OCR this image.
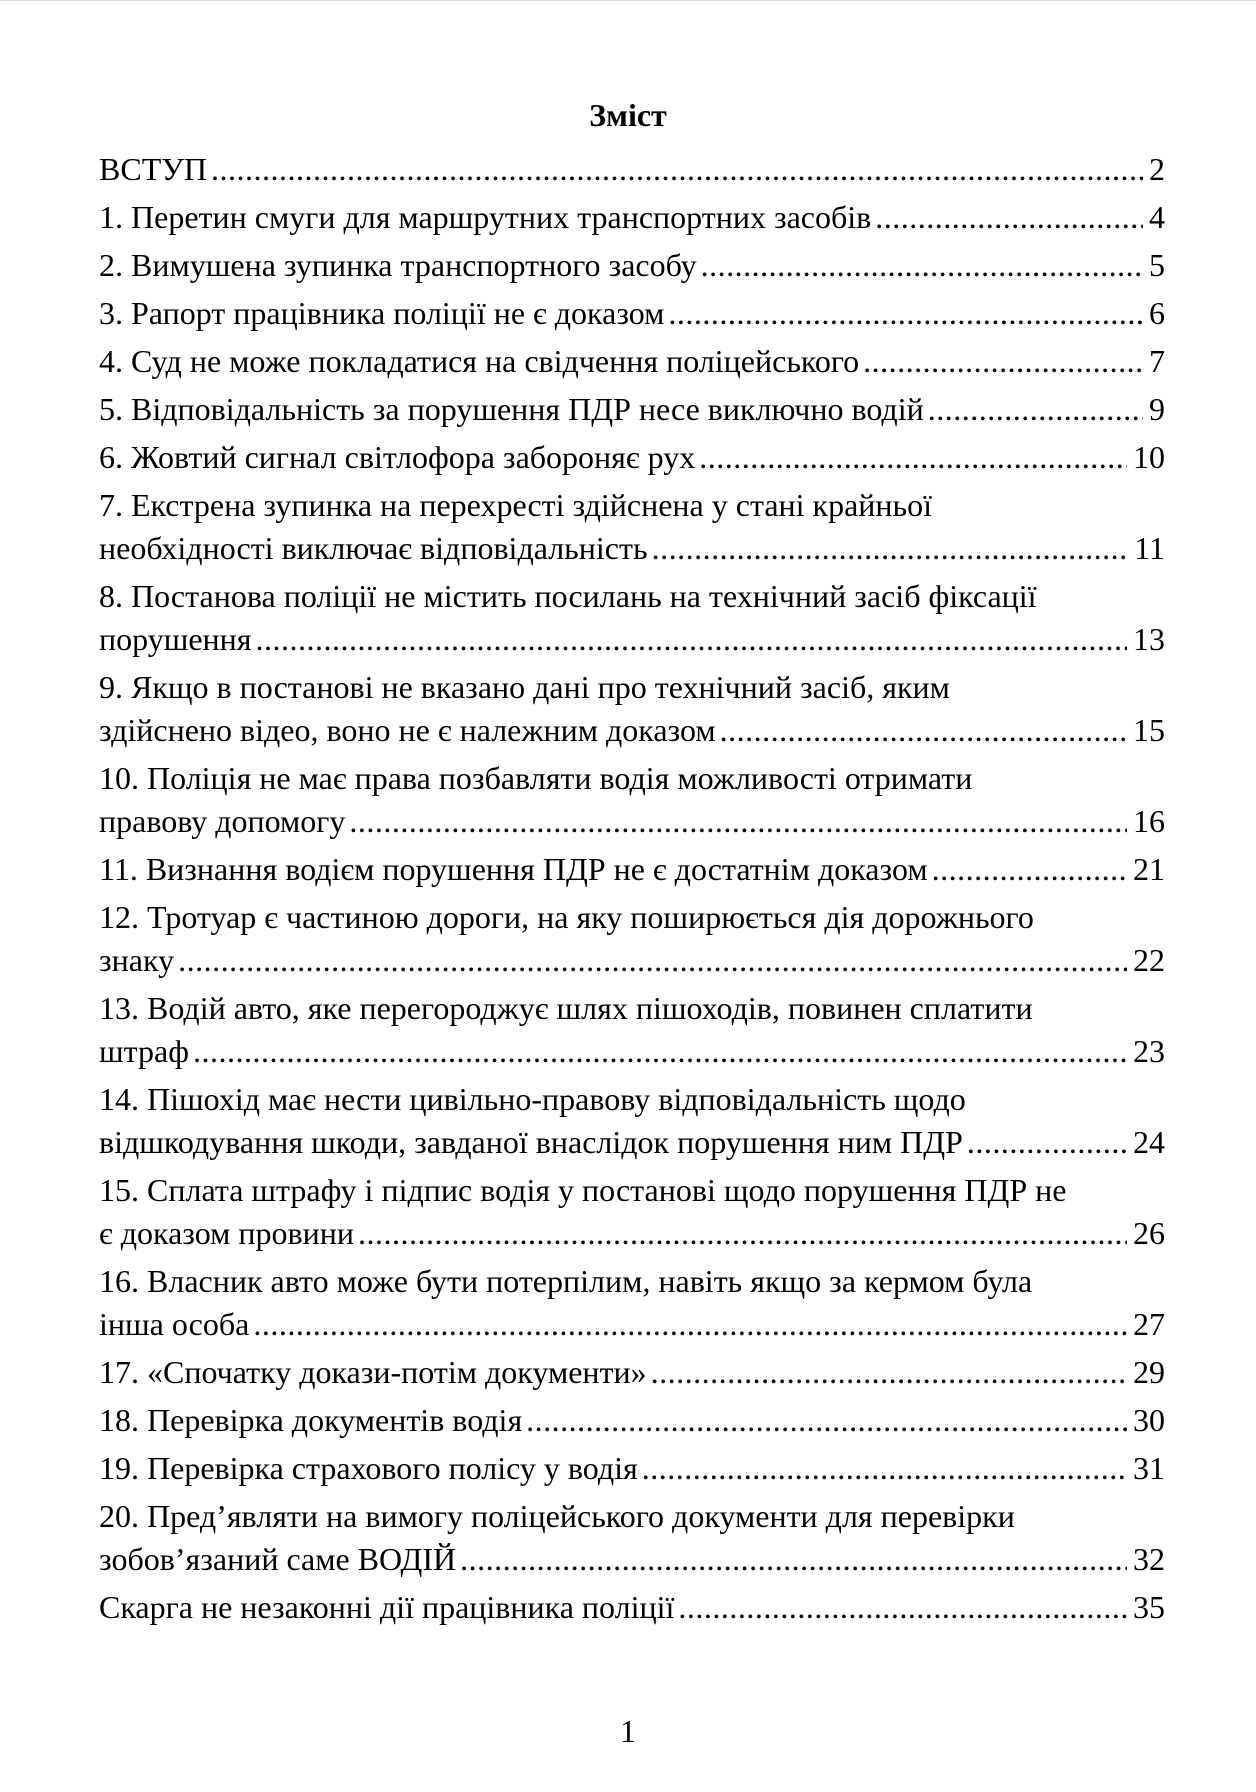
Зміст
ВСТУП .....	2
1. Перетин смуги для маршрутних транспортних засобів .....	4
2. Вимушена зупинка транспортного засобу .....	5
3. Рапорт працівника поліції не є доказом .....	6
4. Суд не може покладатися на свідчення поліцейського .....	7
5. Відповідальність за порушення ПДР несе виключно водій .....	9
6. Жовтий сигнал світлофора забороняє рух .....	10
7. Екстрена зупинка на перехресті здійснена у стані крайньої
необхідності виключає відповідальність .....	11
8. Постанова поліції не містить посилань на технічний засіб фіксації
порушення .....	13
9. Якщо в постанові не вказано дані про технічний засіб, яким
здійснено відео, воно не є належним доказом .....	15
10. Поліція не має права позбавляти водія можливості отримати
правову допомогу .....	16
11. Визнання водієм порушення ПДР не є достатнім доказом .....	21
12. Тротуар є частиною дороги, на яку поширюється дія дорожнього
знаку .....	22
13. Водій авто, яке перегороджує шлях пішоходів, повинен сплатити
штраф .....	23
14. Пішохід має нести цивільно-правову відповідальність щодо
відшкодування шкоди, завданої внаслідок порушення ним ПДР .....	24
15. Сплата штрафу і підпис водія у постанові щодо порушення ПДР не
є доказом провини .....	26
16. Власник авто може бути потерпілим, навіть якщо за кермом була
інша особа .....	27
17. «Спочатку докази-потім документи» .....	29
18. Перевірка документів водія .....	30
19. Перевірка страхового полісу у водія .....	31
20. Пред’являти на вимогу поліцейського документи для перевірки
зобов’язаний саме ВОДІЙ .....	32
Скарга не незаконні дії працівника поліції .....	35
1
